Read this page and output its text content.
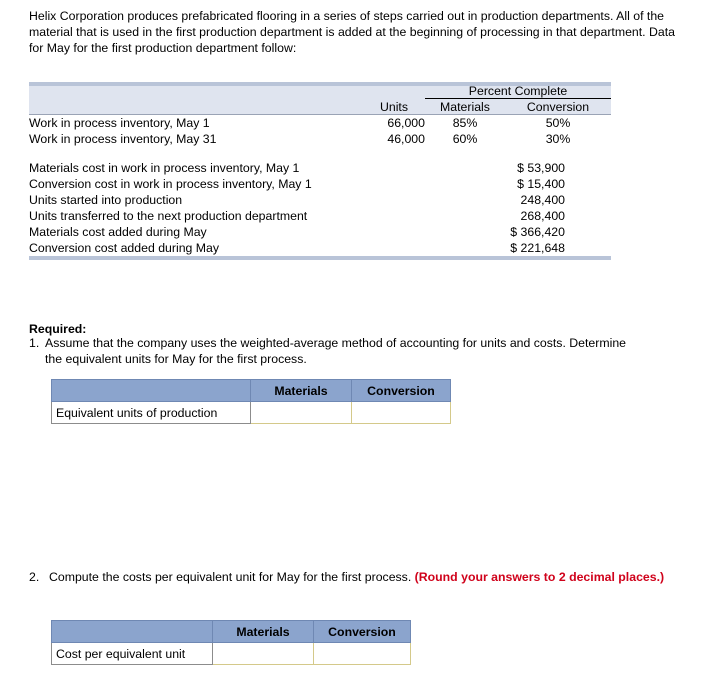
Helix Corporation produces prefabricated flooring in a series of steps carried out in production departments. All of the material that is used in the first production department is added at the beginning of processing in that department. Data for May for the first production department follow:
		Percent Complete	
	Units	Materials	Conversion
Work in process inventory, May 1	66,000	85%	50%
Work in process inventory, May 31	46,000	60%	30%

Materials cost in work in process inventory, May 1	$ 53,900		
Conversion cost in work in process inventory, May 1	$ 15,400		
Units started into production	248,400		
Units transferred to the next production department	268,400		
Materials cost added during May	$ 366,420		
Conversion cost added during May	$ 221,648		
Required:
1. Assume that the company uses the weighted-average method of accounting for units and costs. Determine the equivalent units for May for the first process.
	Materials	Conversion
Equivalent units of production		
2. Compute the costs per equivalent unit for May for the first process. (Round your answers to 2 decimal places.)
	Materials	Conversion
Cost per equivalent unit		
